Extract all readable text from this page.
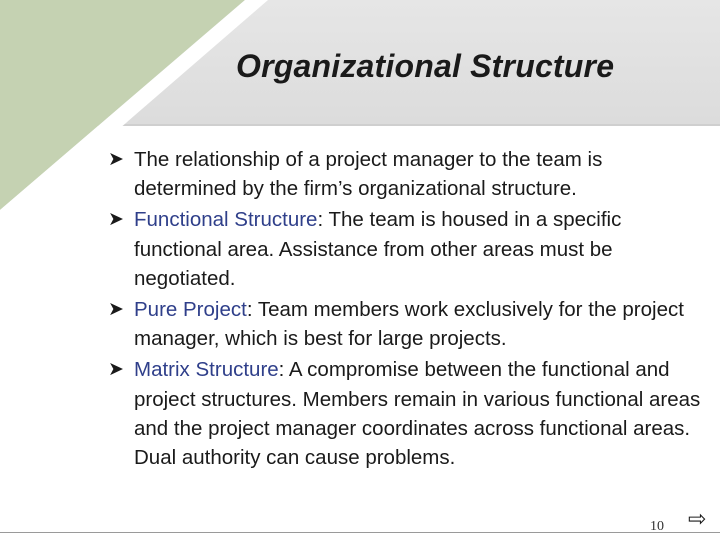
Organizational Structure
➤ The relationship of a project manager to the team is determined by the firm’s organizational structure.
➤ Functional Structure: The team is housed in a specific functional area. Assistance from other areas must be negotiated.
➤ Pure Project: Team members work exclusively for the project manager, which is best for large projects.
➤ Matrix Structure: A compromise between the functional and project structures. Members remain in various functional areas and the project manager coordinates across functional areas. Dual authority can cause problems.
10 ⇨
